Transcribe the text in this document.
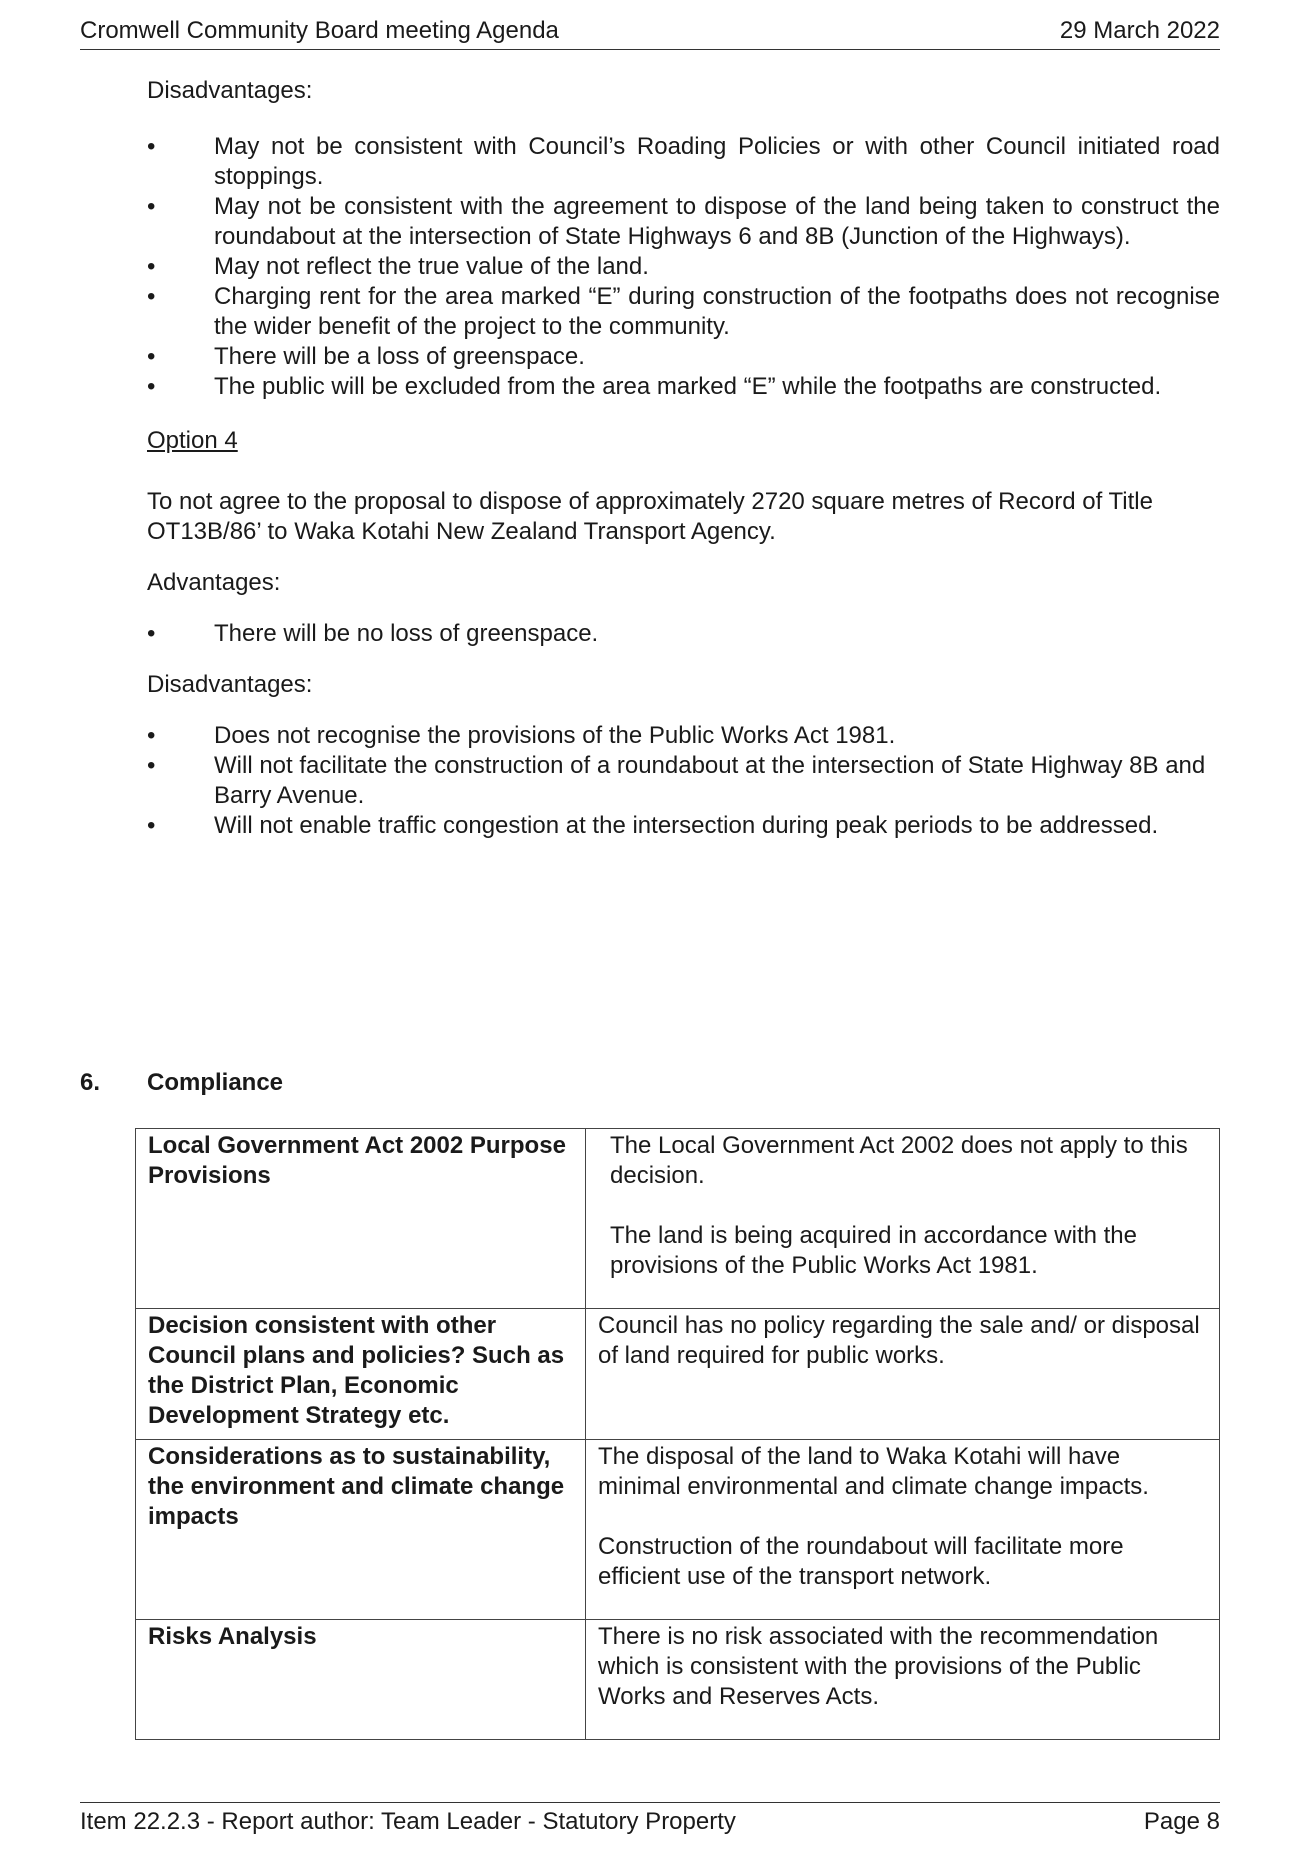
Cromwell Community Board meeting Agenda	29 March 2022

Disadvantages:

•	May not be consistent with Council’s Roading Policies or with other Council initiated road stoppings.
•	May not be consistent with the agreement to dispose of the land being taken to construct the roundabout at the intersection of State Highways 6 and 8B (Junction of the Highways).
•	May not reflect the true value of the land.
•	Charging rent for the area marked “E” during construction of the footpaths does not recognise the wider benefit of the project to the community.
•	There will be a loss of greenspace.
•	The public will be excluded from the area marked “E” while the footpaths are constructed.

Option 4

To not agree to the proposal to dispose of approximately 2720 square metres of Record of Title OT13B/86’ to Waka Kotahi New Zealand Transport Agency.

Advantages:

•	There will be no loss of greenspace.

Disadvantages:

•	Does not recognise the provisions of the Public Works Act 1981.
•	Will not facilitate the construction of a roundabout at the intersection of State Highway 8B and Barry Avenue.
•	Will not enable traffic congestion at the intersection during peak periods to be addressed.
6. Compliance
Local Government Act 2002 Purpose Provisions	The Local Government Act 2002 does not apply to this decision.

The land is being acquired in accordance with the provisions of the Public Works Act 1981.

Decision consistent with other Council plans and policies? Such as the District Plan, Economic Development Strategy etc.	Council has no policy regarding the sale and/ or disposal of land required for public works.

Considerations as to sustainability, the environment and climate change impacts	The disposal of the land to Waka Kotahi will have minimal environmental and climate change impacts.

Construction of the roundabout will facilitate more efficient use of the transport network.

Risks Analysis	There is no risk associated with the recommendation which is consistent with the provisions of the Public Works and Reserves Acts.

Item 22.2.3 - Report author: Team Leader - Statutory Property	Page 8
